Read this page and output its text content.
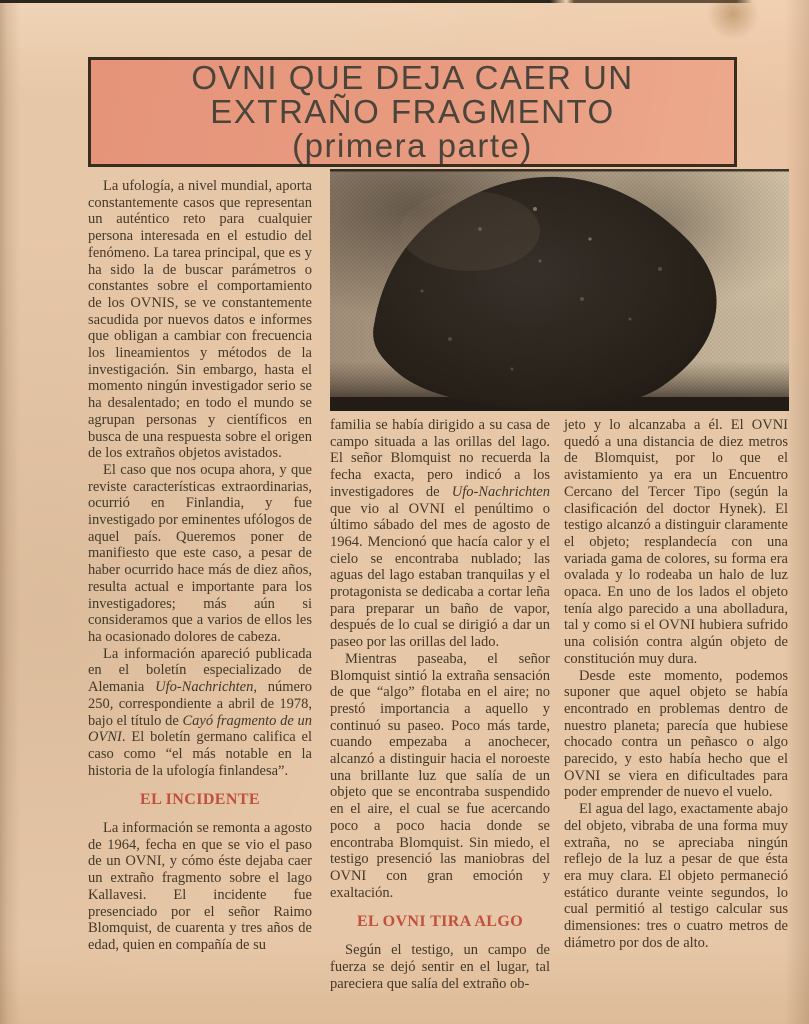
OVNI QUE DEJA CAER UN
EXTRAÑO FRAGMENTO
(primera parte)

La ufología, a nivel mundial, aporta constantemente casos que representan un auténtico reto para cualquier persona interesada en el estudio del fenómeno. La tarea principal, que es y ha sido la de buscar parámetros o constantes sobre el comportamiento de los OVNIS, se ve constantemente sacudida por nuevos datos e informes que obligan a cambiar con frecuencia los lineamientos y métodos de la investigación. Sin embargo, hasta el momento ningún investigador serio se ha desalentado; en todo el mundo se agrupan personas y científicos en busca de una respuesta sobre el origen de los extraños objetos avistados.

El caso que nos ocupa ahora, y que reviste características extraordinarias, ocurrió en Finlandia, y fue investigado por eminentes ufólogos de aquel país. Queremos poner de manifiesto que este caso, a pesar de haber ocurrido hace más de diez años, resulta actual e importante para los investigadores; más aún si consideramos que a varios de ellos les ha ocasionado dolores de cabeza.

La información apareció publicada en el boletín especializado de Alemania Ufo-Nachrichten, número 250, correspondiente a abril de 1978, bajo el título de Cayó fragmento de un OVNI. El boletín germano califica el caso como “el más notable en la historia de la ufología finlandesa”.

EL INCIDENTE

La información se remonta a agosto de 1964, fecha en que se vio el paso de un OVNI, y cómo éste dejaba caer un extraño fragmento sobre el lago Kallavesi. El incidente fue presenciado por el señor Raimo Blomquist, de cuarenta y tres años de edad, quien en compañía de su

familia se había dirigido a su casa de campo situada a las orillas del lago. El señor Blomquist no recuerda la fecha exacta, pero indicó a los investigadores de Ufo-Nachrichten que vio al OVNI el penúltimo o último sábado del mes de agosto de 1964. Mencionó que hacía calor y el cielo se encontraba nublado; las aguas del lago estaban tranquilas y el protagonista se dedicaba a cortar leña para preparar un baño de vapor, después de lo cual se dirigió a dar un paseo por las orillas del lado.

Mientras paseaba, el señor Blomquist sintió la extraña sensación de que “algo” flotaba en el aire; no prestó importancia a aquello y continuó su paseo. Poco más tarde, cuando empezaba a anochecer, alcanzó a distinguir hacia el noroeste una brillante luz que salía de un objeto que se encontraba suspendido en el aire, el cual se fue acercando poco a poco hacia donde se encontraba Blomquist. Sin miedo, el testigo presenció las maniobras del OVNI con gran emoción y exaltación.

EL OVNI TIRA ALGO

Según el testigo, un campo de fuerza se dejó sentir en el lugar, tal pareciera que salía del extraño ob-

jeto y lo alcanzaba a él. El OVNI quedó a una distancia de diez metros de Blomquist, por lo que el avistamiento ya era un Encuentro Cercano del Tercer Tipo (según la clasificación del doctor Hynek). El testigo alcanzó a distinguir claramente el objeto; resplandecía con una variada gama de colores, su forma era ovalada y lo rodeaba un halo de luz opaca. En uno de los lados el objeto tenía algo parecido a una abolladura, tal y como si el OVNI hubiera sufrido una colisión contra algún objeto de constitución muy dura.

Desde este momento, podemos suponer que aquel objeto se había encontrado en problemas dentro de nuestro planeta; parecía que hubiese chocado contra un peñasco o algo parecido, y esto había hecho que el OVNI se viera en dificultades para poder emprender de nuevo el vuelo.

El agua del lago, exactamente abajo del objeto, vibraba de una forma muy extraña, no se apreciaba ningún reflejo de la luz a pesar de que ésta era muy clara. El objeto permaneció estático durante veinte segundos, lo cual permitió al testigo calcular sus dimensiones: tres o cuatro metros de diámetro por dos de alto.
